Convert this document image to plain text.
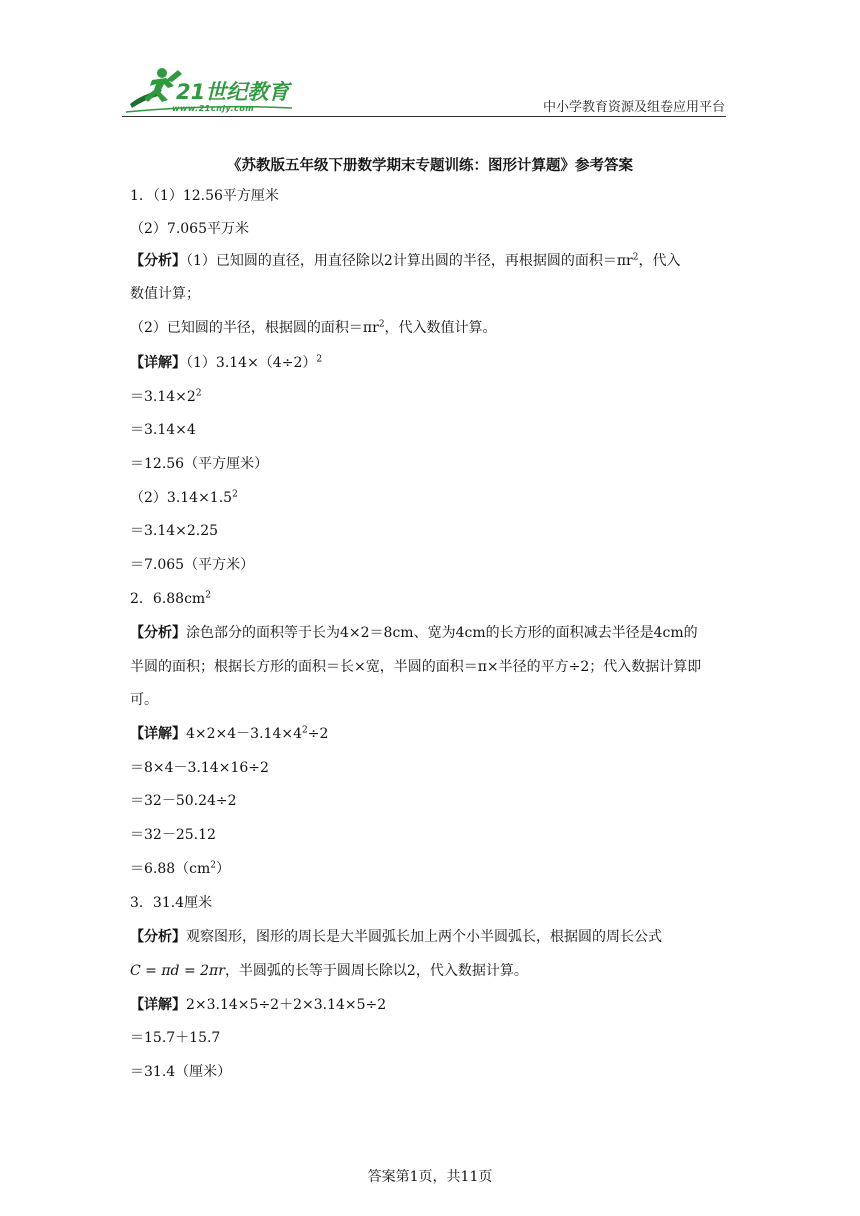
21世纪教育
www.21cnjy.com	中小学教育资源及组卷应用平台
《苏教版五年级下册数学期末专题训练：图形计算题》参考答案
1．（1）12.56平方厘米
（2）7.065平万米
【分析】（1）已知圆的直径，用直径除以2计算出圆的半径，再根据圆的面积$=\pi r^2$，代入
数值计算；
（2）已知圆的半径，根据圆的面积$=\pi r^2$，代入数值计算。
【详解】$(1)3.14\times(4\div 2)^2$
$=3.14\times 2^2$
＝3.14×4
＝12.56（平方厘米）
$(2)3.14\times 1.5^2$
＝3.14×2.25
＝7.065（平方米）
2．$6.88cm^2$
【分析】涂色部分的面积等于长为4×2＝8cm、宽为4cm的长方形的面积减去半径是4cm的
半圆的面积；根据长方形的面积＝长×宽，半圆的面积＝π×半径的平方÷2；代入数据计算即
可。
【详解】$4\times 2\times 4-3.14\times 4^2\div 2$
＝8×4－3.14×16÷2
＝32－50.24÷2
＝32－25.12
$=6.88(cm^2)$
3．31.4厘米
【分析】观察图形，图形的周长是大半圆弧长加上两个小半圆弧长，根据圆的周长公式
C = πd = 2πr，半圆弧的长等于圆周长除以2，代入数据计算。
【详解】2×3.14×5÷2＋2×3.14×5÷2
＝15.7＋15.7
＝31.4（厘米）
答案第1页，共11页
